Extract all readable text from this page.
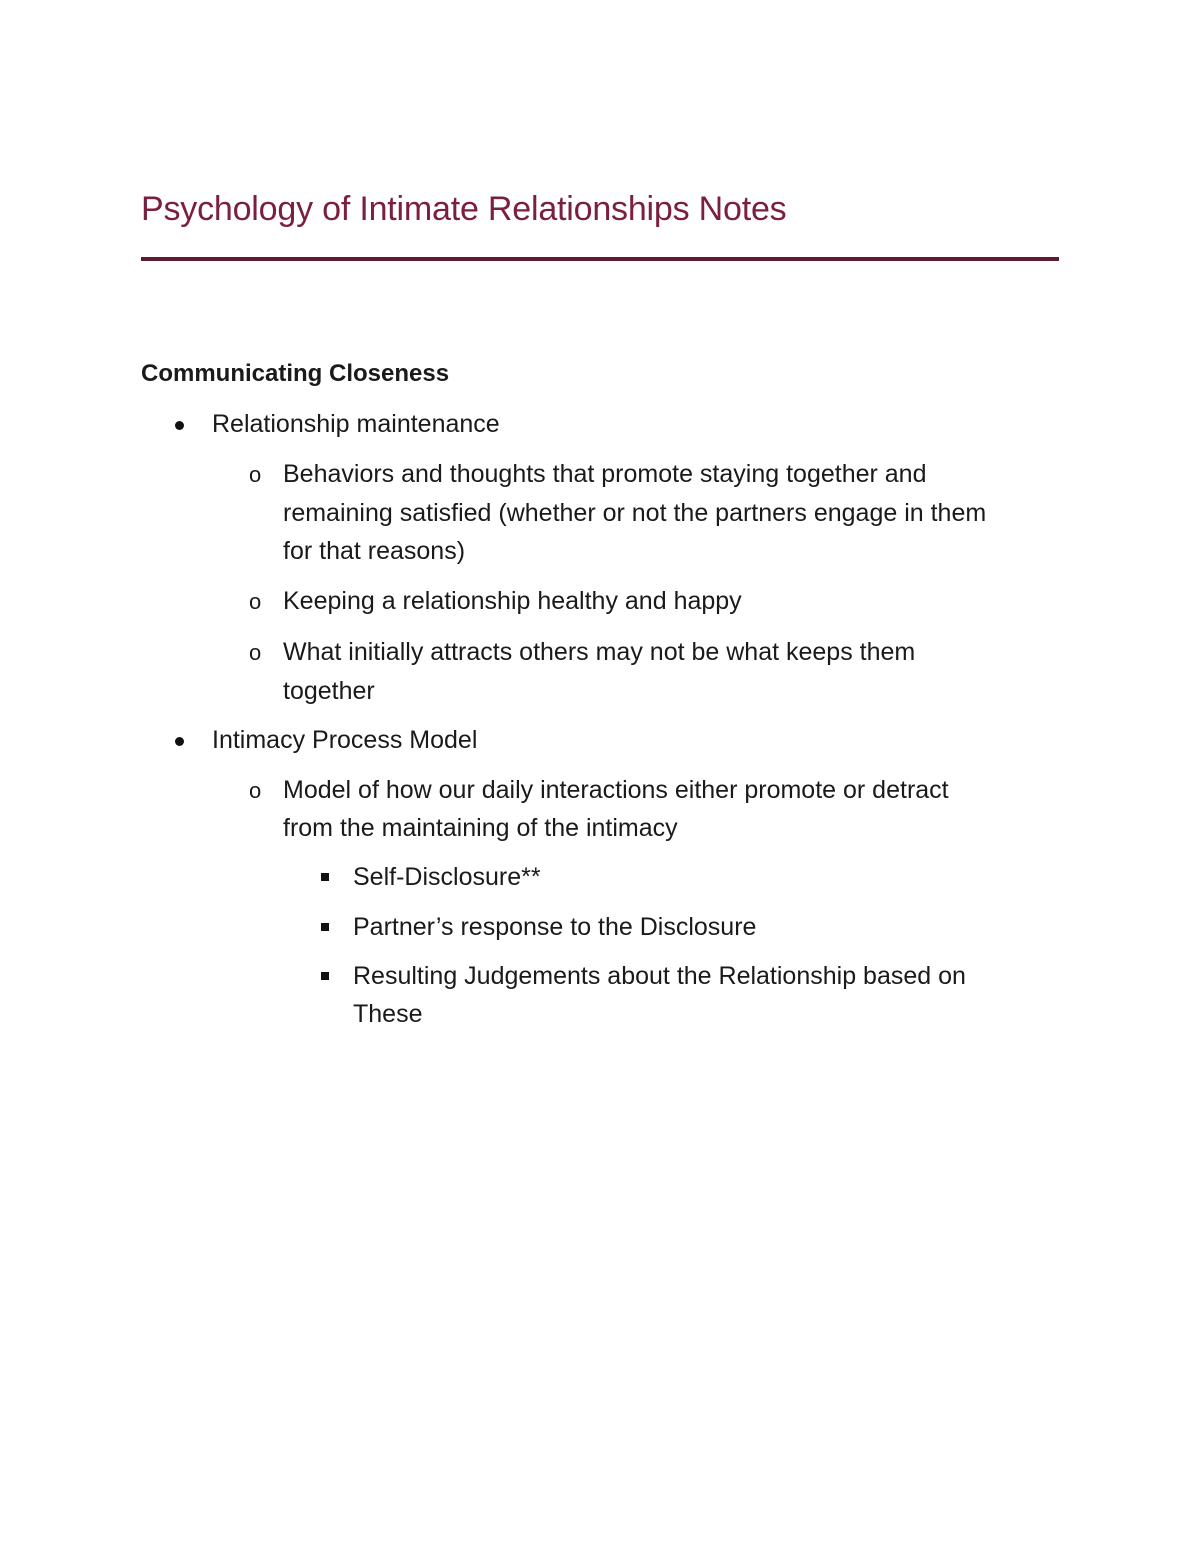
Psychology of Intimate Relationships Notes
Communicating Closeness
Relationship maintenance
o Behaviors and thoughts that promote staying together and
remaining satisfied (whether or not the partners engage in them
for that reasons)
o Keeping a relationship healthy and happy
o What initially attracts others may not be what keeps them
together
Intimacy Process Model
o Model of how our daily interactions either promote or detract
from the maintaining of the intimacy
Self-Disclosure**
Partner’s response to the Disclosure
Resulting Judgements about the Relationship based on
These
